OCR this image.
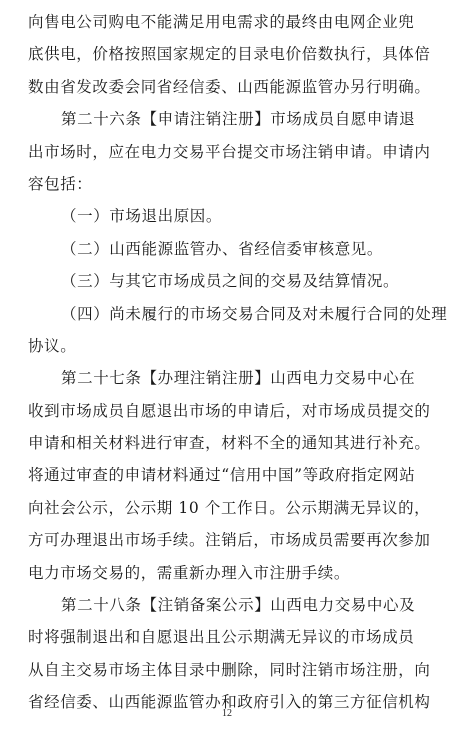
向售电公司购电不能满足用电需求的最终由电网企业兜
底供电，价格按照国家规定的目录电价倍数执行，具体倍
数由省发改委会同省经信委、山西能源监管办另行明确。
第二十六条【申请注销注册】市场成员自愿申请退
出市场时，应在电力交易平台提交市场注销申请。申请内
容包括：
（一）市场退出原因。
（二）山西能源监管办、省经信委审核意见。
（三）与其它市场成员之间的交易及结算情况。
（四）尚未履行的市场交易合同及对未履行合同的处理
协议。
第二十七条【办理注销注册】山西电力交易中心在
收到市场成员自愿退出市场的申请后，对市场成员提交的
申请和相关材料进行审查，材料不全的通知其进行补充。
将通过审查的申请材料通过“信用中国”等政府指定网站
向社会公示，公示期 10 个工作日。公示期满无异议的，
方可办理退出市场手续。注销后，市场成员需要再次参加
电力市场交易的，需重新办理入市注册手续。
第二十八条【注销备案公示】山西电力交易中心及
时将强制退出和自愿退出且公示期满无异议的市场成员
从自主交易市场主体目录中删除，同时注销市场注册，向
省经信委、山西能源监管办和政府引入的第三方征信机构
12
